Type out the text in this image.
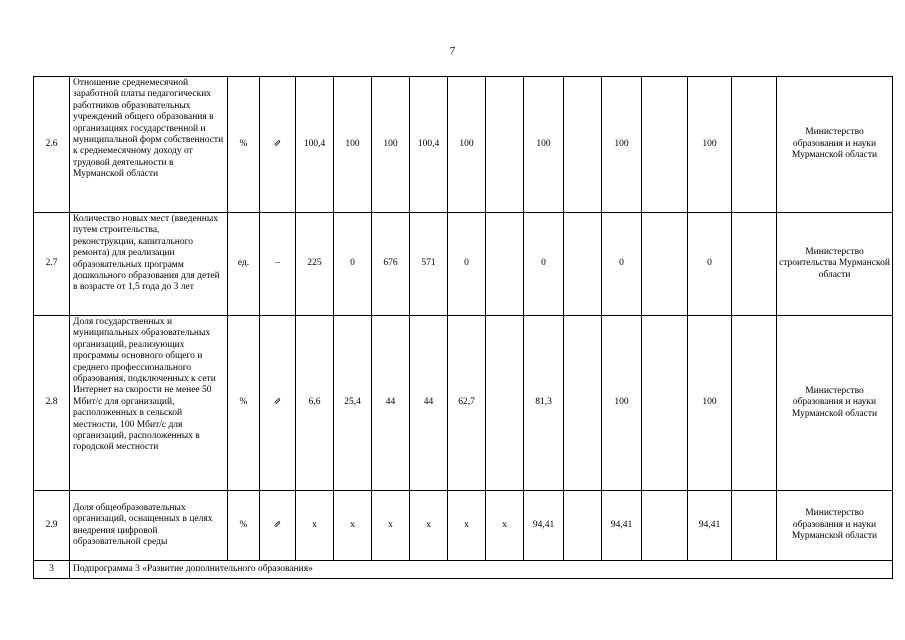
7
2.6	Отношение среднемесячной заработной платы педагогических работников образовательных учреждений общего образования в организациях государственной и муниципальной форм собственности к среднемесячному доходу от трудовой деятельности в Мурманской области	%	⇗	100,4	100	100	100,4	100		100		100		100		Министерство образования и науки Мурманской области
2.7	Количество новых мест (введенных путем строительства, реконструкции, капитального ремонта) для реализации образовательных программ дошкольного образования для детей в возрасте от 1,5 года до 3 лет	ед.	–	225	0	676	571	0		0		0		0		Министерство строительства Мурманской области
2.8	Доля государственных и муниципальных образовательных организаций, реализующих программы основного общего и среднего профессионального образования, подключенных к сети Интернет на скорости не менее 50 Мбит/с для организаций, расположенных в сельской местности, 100 Мбит/с для организаций, расположенных в городской местности	%	⇗	6,6	25,4	44	44	62,7		81,3		100		100		Министерство образования и науки Мурманской области
2.9	Доля общеобразовательных организаций, оснащенных в целях внедрения цифровой образовательной среды	%	⇗	х	х	х	х	х	х	94,41		94,41		94,41		Министерство образования и науки Мурманской области
3	Подпрограмма 3 «Развитие дополнительного образования»															
